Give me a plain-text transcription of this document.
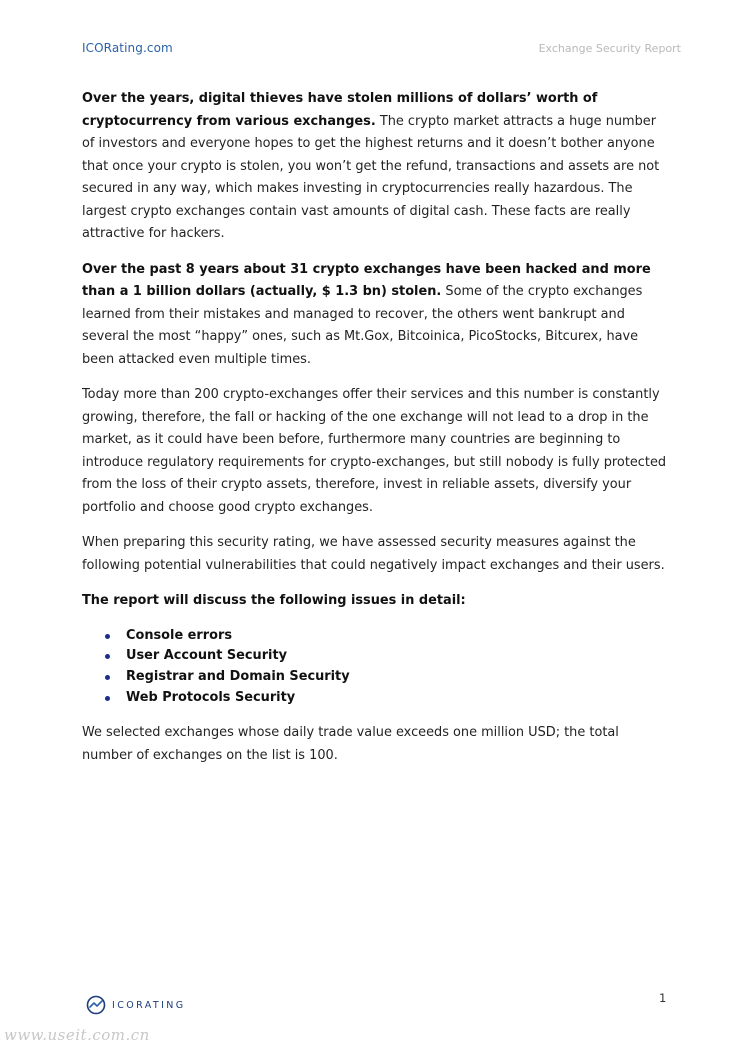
ICORating.com	Exchange Security Report

Over the years, digital thieves have stolen millions of dollars’ worth of cryptocurrency from various exchanges. The crypto market attracts a huge number of investors and everyone hopes to get the highest returns and it doesn’t bother anyone that once your crypto is stolen, you won’t get the refund, transactions and assets are not secured in any way, which makes investing in cryptocurrencies really hazardous. The largest crypto exchanges contain vast amounts of digital cash. These facts are really attractive for hackers.

Over the past 8 years about 31 crypto exchanges have been hacked and more than a 1 billion dollars (actually, $ 1.3 bn) stolen. Some of the crypto exchanges learned from their mistakes and managed to recover, the others went bankrupt and several the most “happy” ones, such as Mt.Gox, Bitcoinica, PicoStocks, Bitcurex, have been attacked even multiple times.

Today more than 200 crypto-exchanges offer their services and this number is constantly growing, therefore, the fall or hacking of the one exchange will not lead to a drop in the market, as it could have been before, furthermore many countries are beginning to introduce regulatory requirements for crypto-exchanges, but still nobody is fully protected from the loss of their crypto assets, therefore, invest in reliable assets, diversify your portfolio and choose good crypto exchanges.

When preparing this security rating, we have assessed security measures against the following potential vulnerabilities that could negatively impact exchanges and their users.

The report will discuss the following issues in detail:

Console errors
User Account Security
Registrar and Domain Security
Web Protocols Security

We selected exchanges whose daily trade value exceeds one million USD; the total number of exchanges on the list is 100.

1
ICORATING
www.useit.com.cn
